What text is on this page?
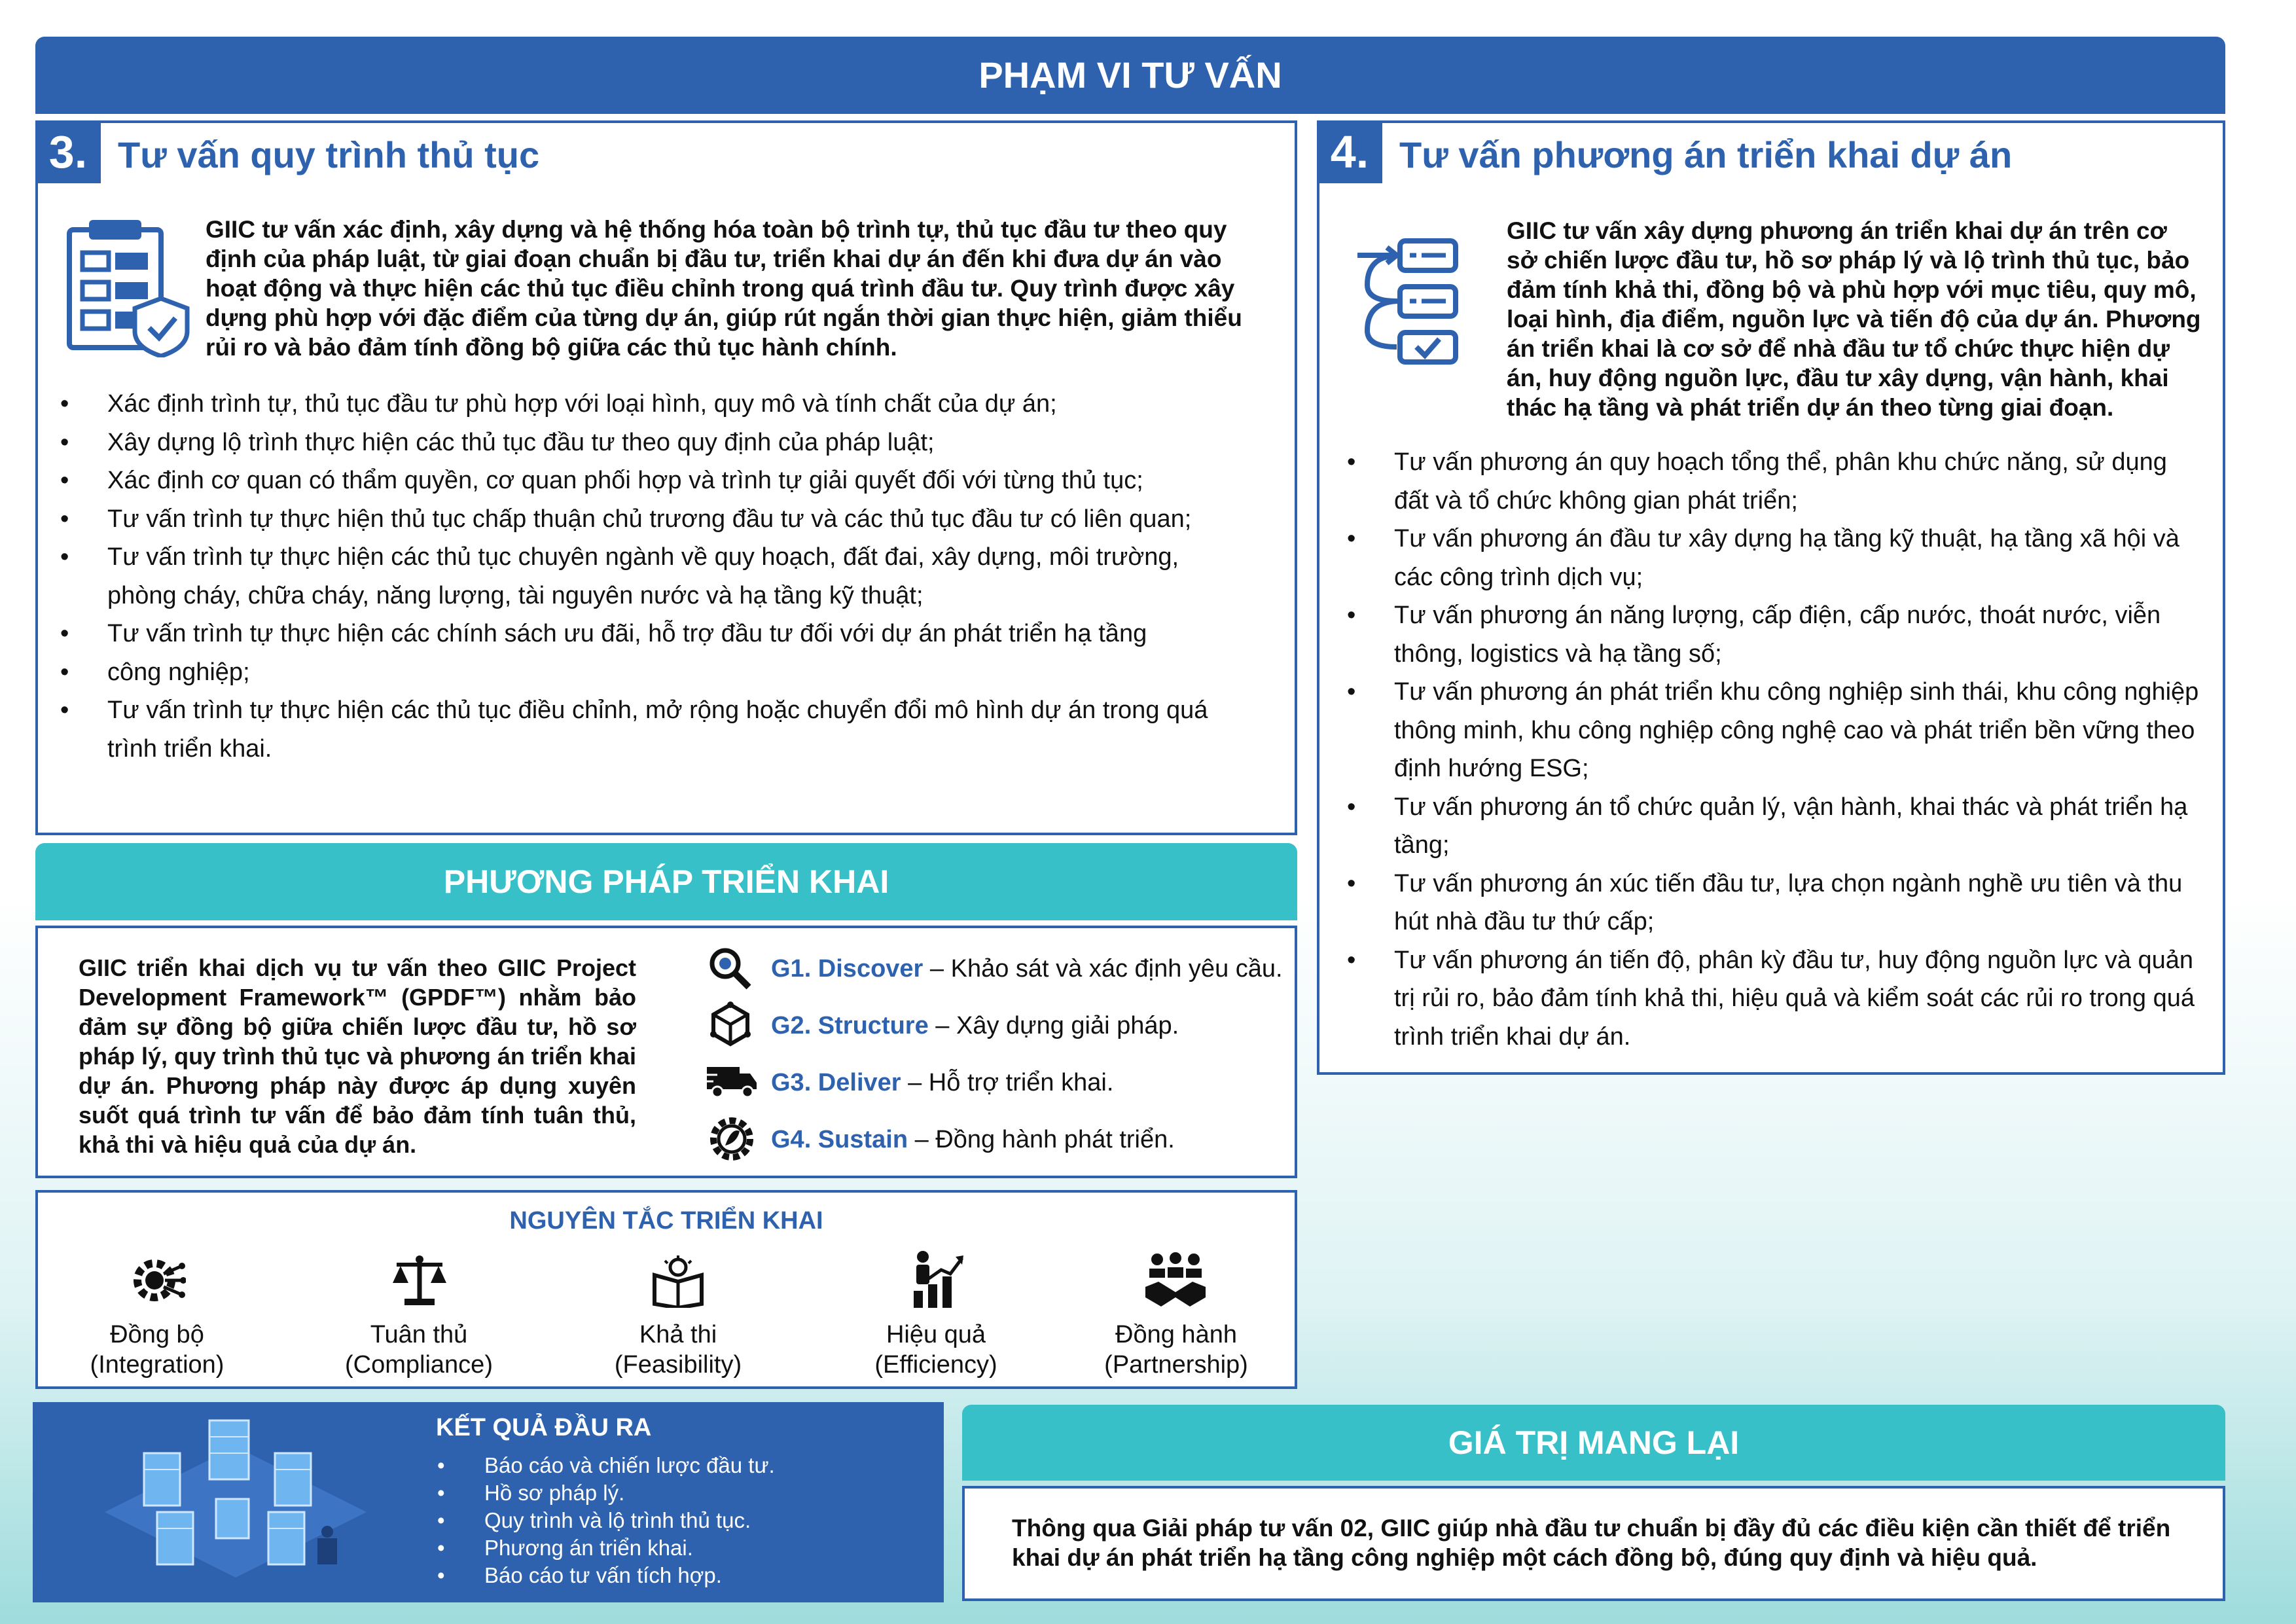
PHẠM VI TƯ VẤN
3. Tư vấn quy trình thủ tục
GIIC tư vấn xác định, xây dựng và hệ thống hóa toàn bộ trình tự, thủ tục đầu tư theo quy định của pháp luật, từ giai đoạn chuẩn bị đầu tư, triển khai dự án đến khi đưa dự án vào hoạt động và thực hiện các thủ tục điều chỉnh trong quá trình đầu tư. Quy trình được xây dựng phù hợp với đặc điểm của từng dự án, giúp rút ngắn thời gian thực hiện, giảm thiểu rủi ro và bảo đảm tính đồng bộ giữa các thủ tục hành chính.
• Xác định trình tự, thủ tục đầu tư phù hợp với loại hình, quy mô và tính chất của dự án;
• Xây dựng lộ trình thực hiện các thủ tục đầu tư theo quy định của pháp luật;
• Xác định cơ quan có thẩm quyền, cơ quan phối hợp và trình tự giải quyết đối với từng thủ tục;
• Tư vấn trình tự thực hiện thủ tục chấp thuận chủ trương đầu tư và các thủ tục đầu tư có liên quan;
• Tư vấn trình tự thực hiện các thủ tục chuyên ngành về quy hoạch, đất đai, xây dựng, môi trường, phòng cháy, chữa cháy, năng lượng, tài nguyên nước và hạ tầng kỹ thuật;
• Tư vấn trình tự thực hiện các chính sách ưu đãi, hỗ trợ đầu tư đối với dự án phát triển hạ tầng
• công nghiệp;
• Tư vấn trình tự thực hiện các thủ tục điều chỉnh, mở rộng hoặc chuyển đổi mô hình dự án trong quá trình triển khai.
4. Tư vấn phương án triển khai dự án
GIIC tư vấn xây dựng phương án triển khai dự án trên cơ sở chiến lược đầu tư, hồ sơ pháp lý và lộ trình thủ tục, bảo đảm tính khả thi, đồng bộ và phù hợp với mục tiêu, quy mô, loại hình, địa điểm, nguồn lực và tiến độ của dự án. Phương án triển khai là cơ sở để nhà đầu tư tổ chức thực hiện dự án, huy động nguồn lực, đầu tư xây dựng, vận hành, khai thác hạ tầng và phát triển dự án theo từng giai đoạn.
• Tư vấn phương án quy hoạch tổng thể, phân khu chức năng, sử dụng đất và tổ chức không gian phát triển;
• Tư vấn phương án đầu tư xây dựng hạ tầng kỹ thuật, hạ tầng xã hội và các công trình dịch vụ;
• Tư vấn phương án năng lượng, cấp điện, cấp nước, thoát nước, viễn thông, logistics và hạ tầng số;
• Tư vấn phương án phát triển khu công nghiệp sinh thái, khu công nghiệp thông minh, khu công nghiệp công nghệ cao và phát triển bền vững theo định hướng ESG;
• Tư vấn phương án tổ chức quản lý, vận hành, khai thác và phát triển hạ tầng;
• Tư vấn phương án xúc tiến đầu tư, lựa chọn ngành nghề ưu tiên và thu hút nhà đầu tư thứ cấp;
• Tư vấn phương án tiến độ, phân kỳ đầu tư, huy động nguồn lực và quản trị rủi ro, bảo đảm tính khả thi, hiệu quả và kiểm soát các rủi ro trong quá trình triển khai dự án.
PHƯƠNG PHÁP TRIỂN KHAI
GIIC triển khai dịch vụ tư vấn theo GIIC Project Development Framework™ (GPDF™) nhằm bảo đảm sự đồng bộ giữa chiến lược đầu tư, hồ sơ pháp lý, quy trình thủ tục và phương án triển khai dự án. Phương pháp này được áp dụng xuyên suốt quá trình tư vấn để bảo đảm tính tuân thủ, khả thi và hiệu quả của dự án.
G1. Discover – Khảo sát và xác định yêu cầu.
G2. Structure – Xây dựng giải pháp.
G3. Deliver – Hỗ trợ triển khai.
G4. Sustain – Đồng hành phát triển.
NGUYÊN TẮC TRIỂN KHAI
Đồng bộ
(Integration)
Tuân thủ
(Compliance)
Khả thi
(Feasibility)
Hiệu quả
(Efficiency)
Đồng hành
(Partnership)
KẾT QUẢ ĐẦU RA
• Báo cáo và chiến lược đầu tư.
• Hồ sơ pháp lý.
• Quy trình và lộ trình thủ tục.
• Phương án triển khai.
• Báo cáo tư vấn tích hợp.
GIÁ TRỊ MANG LẠI
Thông qua Giải pháp tư vấn 02, GIIC giúp nhà đầu tư chuẩn bị đầy đủ các điều kiện cần thiết để triển khai dự án phát triển hạ tầng công nghiệp một cách đồng bộ, đúng quy định và hiệu quả.
